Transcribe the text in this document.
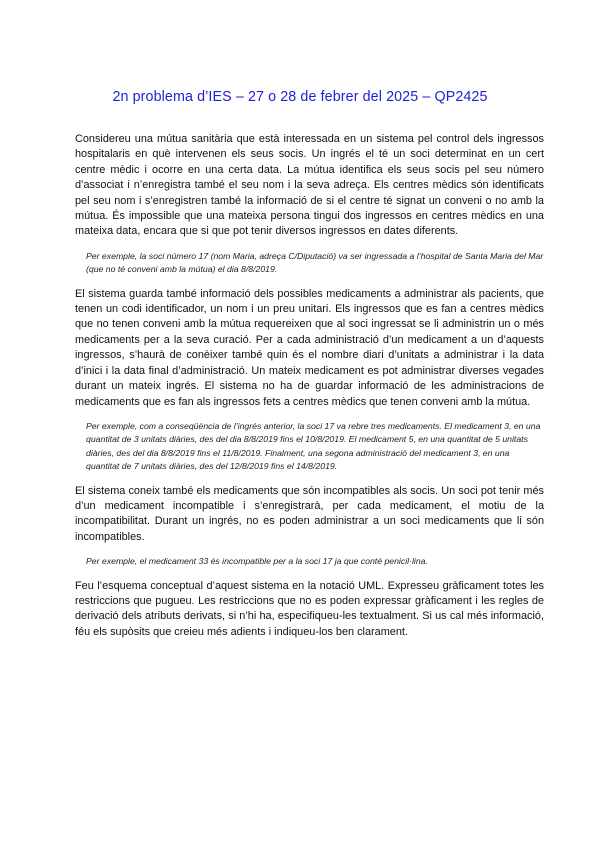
2n problema d’IES – 27 o 28 de febrer del 2025 – QP2425

Considereu una mútua sanitària que està interessada en un sistema pel control dels ingressos hospitalaris en què intervenen els seus socis. Un ingrés el té un soci determinat en un cert centre mèdic i ocorre en una certa data. La mútua identifica els seus socis pel seu número d’associat i n’enregistra també el seu nom i la seva adreça. Els centres mèdics són identificats pel seu nom i s’enregistren també la informació de si el centre té signat un conveni o no amb la mútua. És impossible que una mateixa persona tingui dos ingressos en centres mèdics en una mateixa data, encara que si que pot tenir diversos ingressos en dates diferents.

Per exemple, la soci número 17 (nom Maria, adreça C/Diputació) va ser ingressada a l’hospital de Santa Maria del Mar (que no té conveni amb la mútua) el dia 8/8/2019.

El sistema guarda també informació dels possibles medicaments a administrar als pacients, que tenen un codi identificador, un nom i un preu unitari. Els ingressos que es fan a centres mèdics que no tenen conveni amb la mútua requereixen que al soci ingressat se li administrin un o més medicaments per a la seva curació. Per a cada administració d’un medicament a un d’aquests ingressos, s’haurà de conèixer també quin és el nombre diari d’unitats a administrar i la data d’inici i la data final d’administració. Un mateix medicament es pot administrar diverses vegades durant un mateix ingrés. El sistema no ha de guardar informació de les administracions de medicaments que es fan als ingressos fets a centres mèdics que tenen conveni amb la mútua.

Per exemple, com a conseqüència de l’ingrés anterior, la soci 17 va rebre tres medicaments. El medicament 3, en una quantitat de 3 unitats diàries, des del dia 8/8/2019 fins el 10/8/2019. El medicament 5, en una quantitat de 5 unitats diàries, des del dia 8/8/2019 fins el 11/8/2019. Finalment, una segona administració del medicament 3, en una quantitat de 7 unitats diàries, des del 12/8/2019 fins el 14/8/2019.

El sistema coneix també els medicaments que són incompatibles als socis. Un soci pot tenir més d’un medicament incompatible i s’enregistrarà, per cada medicament, el motiu de la incompatibilitat. Durant un ingrés, no es poden administrar a un soci medicaments que li són incompatibles.

Per exemple, el medicament 33 és incompatible per a la soci 17 ja que conté penicil·lina.

Feu l’esquema conceptual d’aquest sistema en la notació UML. Expresseu gràficament totes les restriccions que pugueu. Les restriccions que no es poden expressar gràficament i les regles de derivació dels atributs derivats, si n’hi ha, especifiqueu-les textualment. Si us cal més informació, féu els supòsits que creieu més adients i indiqueu-los ben clarament.
